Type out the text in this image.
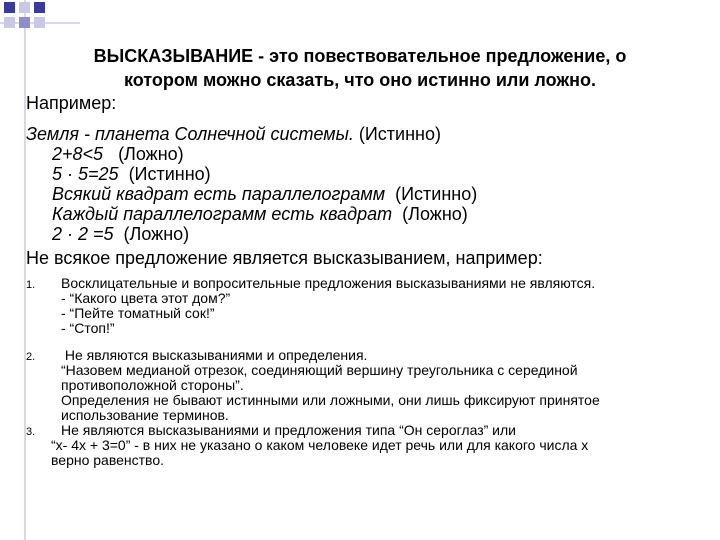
ВЫСКАЗЫВАНИЕ - это повествовательное предложение, о
котором можно сказать, что оно истинно или ложно.
Например:
Земля - планета Солнечной системы. (Истинно)
2+8<5   (Ложно)
5 · 5=25  (Истинно)
Всякий квадрат есть параллелограмм  (Истинно)
Каждый параллелограмм есть квадрат  (Ложно)
2 · 2 =5  (Ложно)
Не всякое предложение является высказыванием, например:
1. Восклицательные и вопросительные предложения высказываниями не являются.
- “Какого цвета этот дом?”
- “Пейте томатный сок!”
- “Стоп!”
2. Не являются высказываниями и определения.
“Назовем медианой отрезок, соединяющий вершину треугольника с серединой
противоположной стороны”.
Определения не бывают истинными или ложными, они лишь фиксируют принятое
использование терминов.
3. Не являются высказываниями и предложения типа “Он сероглаз” или
“x- 4x + 3=0” - в них не указано о каком человеке идет речь или для какого числа x
верно равенство.
